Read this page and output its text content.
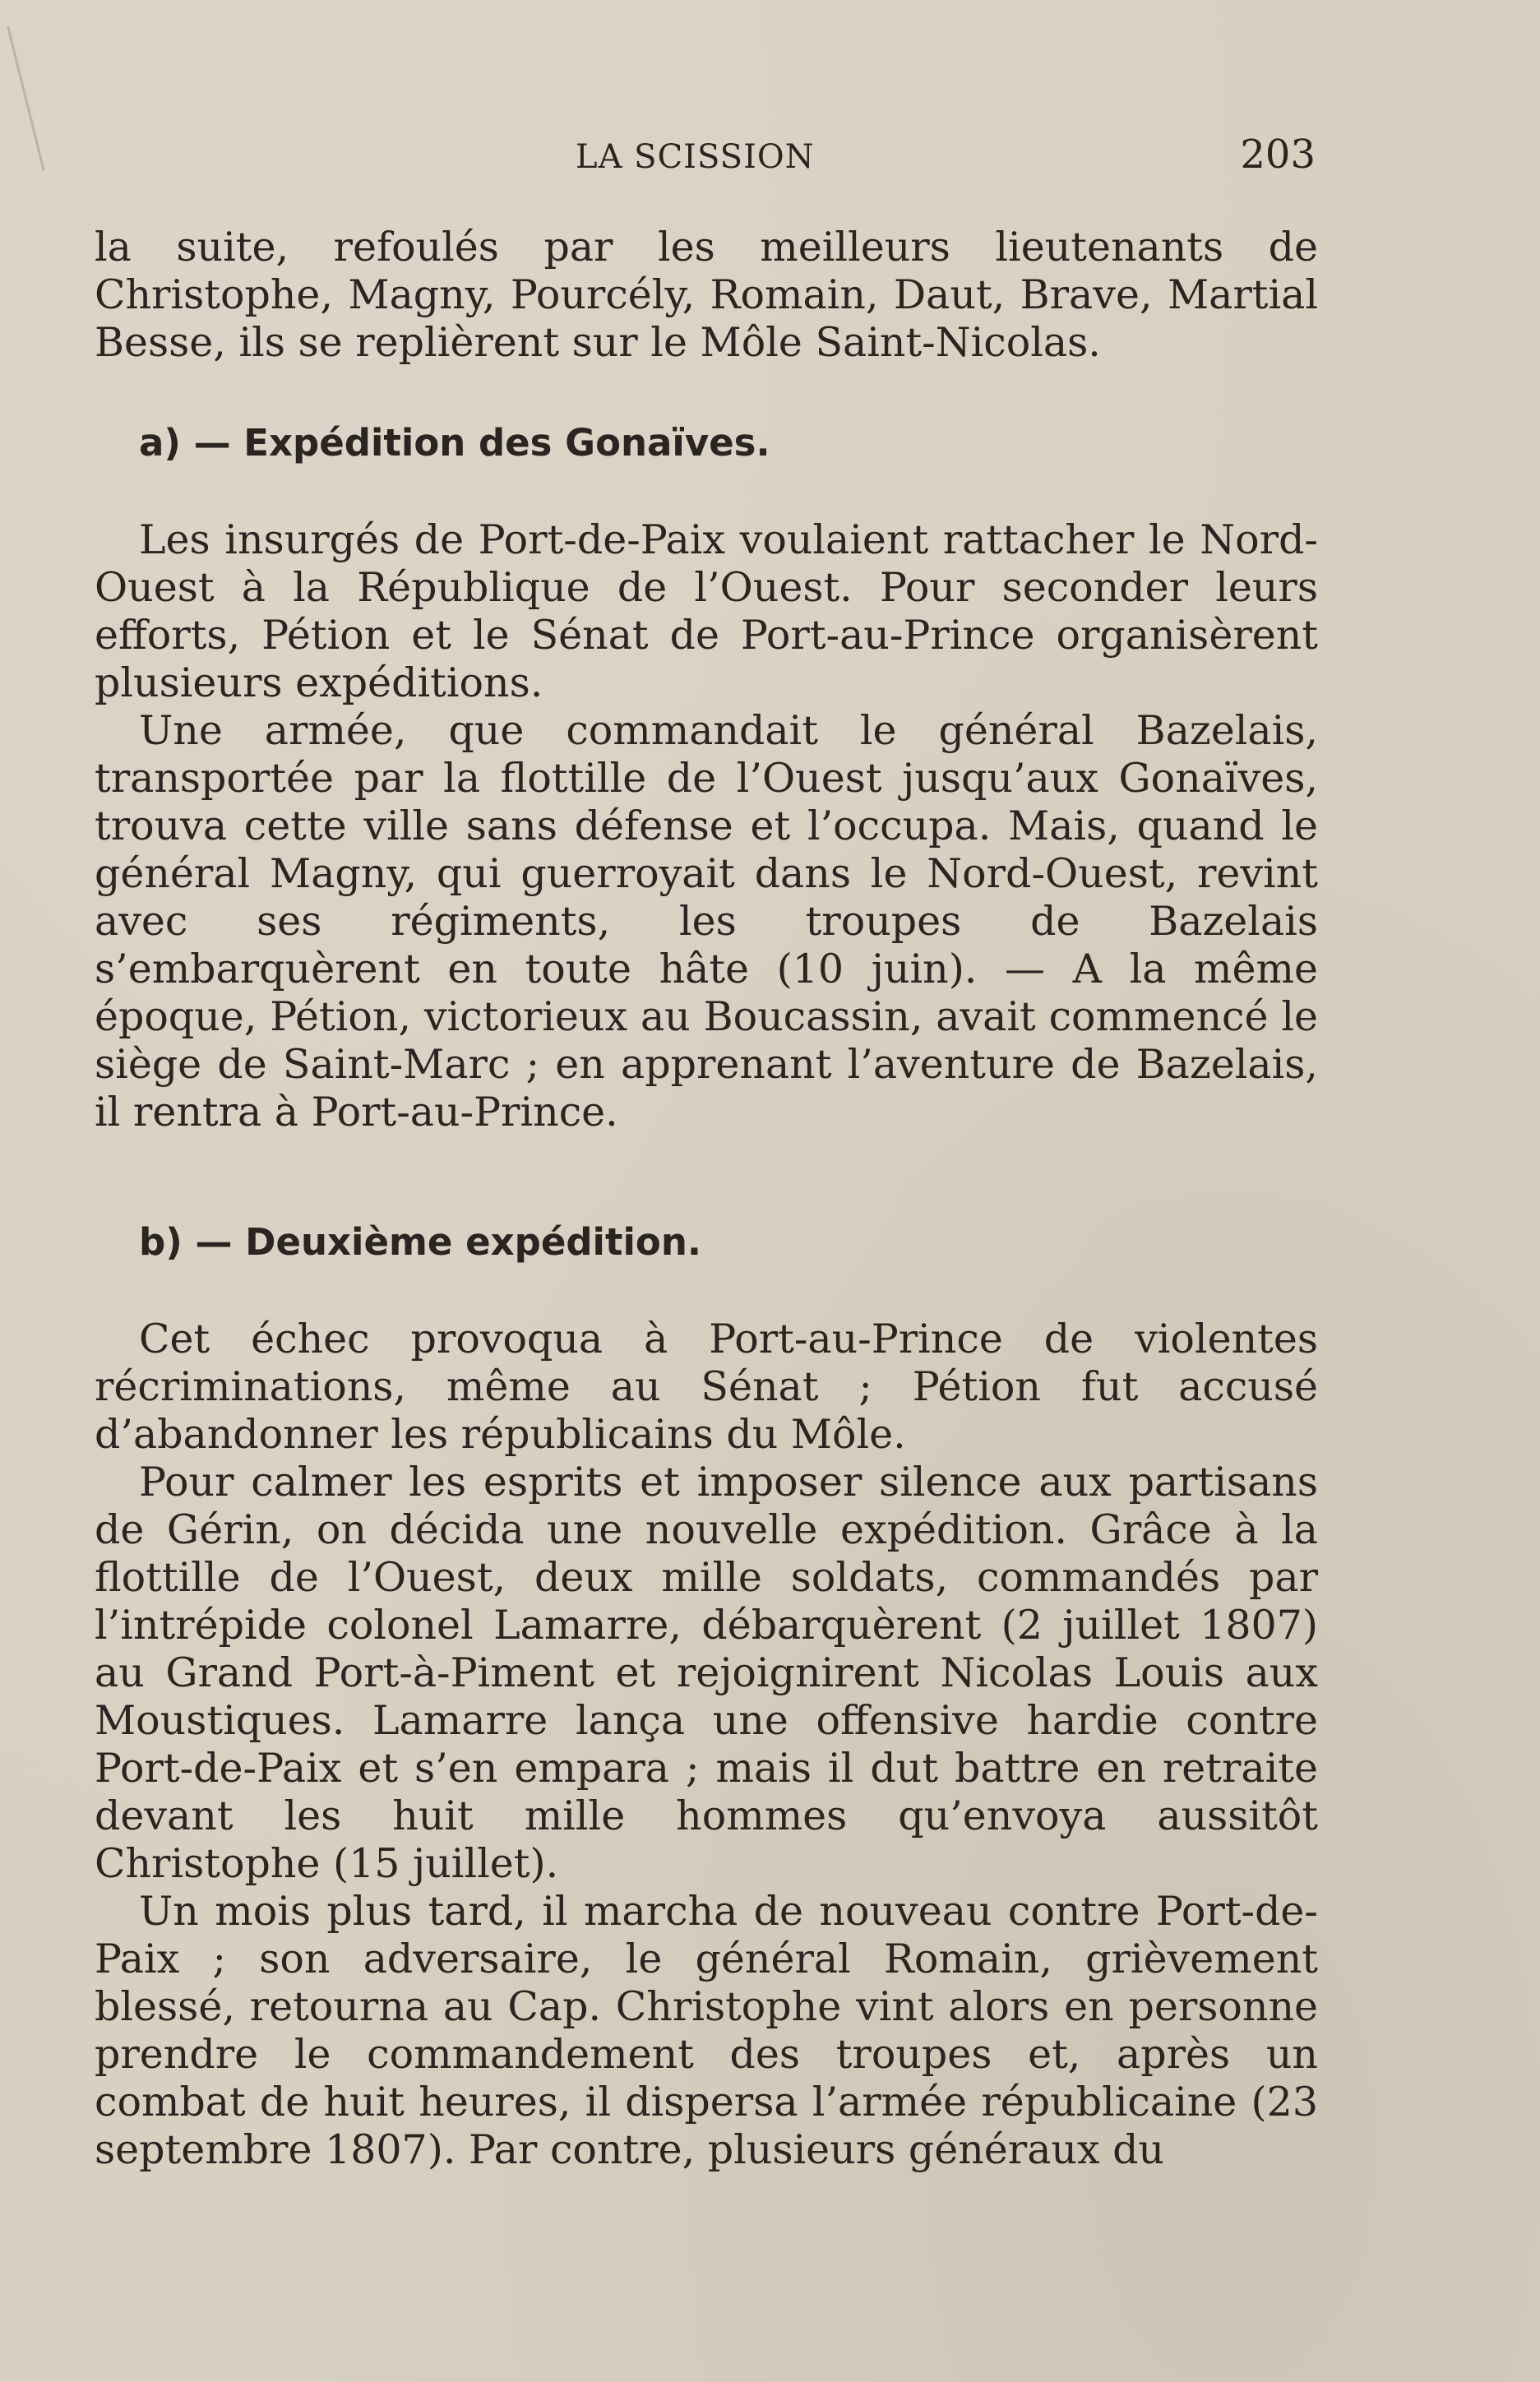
LA SCISSION	203

la suite, refoulés par les meilleurs lieutenants de Christophe, Magny, Pourcély, Romain, Daut, Brave, Martial Besse, ils se replièrent sur le Môle Saint-Nicolas.

a) — Expédition des Gonaïves.

Les insurgés de Port-de-Paix voulaient rattacher le Nord-Ouest à la République de l’Ouest. Pour seconder leurs efforts, Pétion et le Sénat de Port-au-Prince organisèrent plusieurs expéditions.

Une armée, que commandait le général Bazelais, transportée par la flottille de l’Ouest jusqu’aux Gonaïves, trouva cette ville sans défense et l’occupa. Mais, quand le général Magny, qui guerroyait dans le Nord-Ouest, revint avec ses régiments, les troupes de Bazelais s’embarquèrent en toute hâte (10 juin). — A la même époque, Pétion, victorieux au Boucassin, avait commencé le siège de Saint-Marc ; en apprenant l’aventure de Bazelais, il rentra à Port-au-Prince.

b) — Deuxième expédition.

Cet échec provoqua à Port-au-Prince de violentes récriminations, même au Sénat ; Pétion fut accusé d’abandonner les républicains du Môle.

Pour calmer les esprits et imposer silence aux partisans de Gérin, on décida une nouvelle expédition. Grâce à la flottille de l’Ouest, deux mille soldats, commandés par l’intrépide colonel Lamarre, débarquèrent (2 juillet 1807) au Grand Port-à-Piment et rejoignirent Nicolas Louis aux Moustiques. Lamarre lança une offensive hardie contre Port-de-Paix et s’en empara ; mais il dut battre en retraite devant les huit mille hommes qu’envoya aussitôt Christophe (15 juillet).

Un mois plus tard, il marcha de nouveau contre Port-de-Paix ; son adversaire, le général Romain, grièvement blessé, retourna au Cap. Christophe vint alors en personne prendre le commandement des troupes et, après un combat de huit heures, il dispersa l’armée républicaine (23 septembre 1807). Par contre, plusieurs généraux du
